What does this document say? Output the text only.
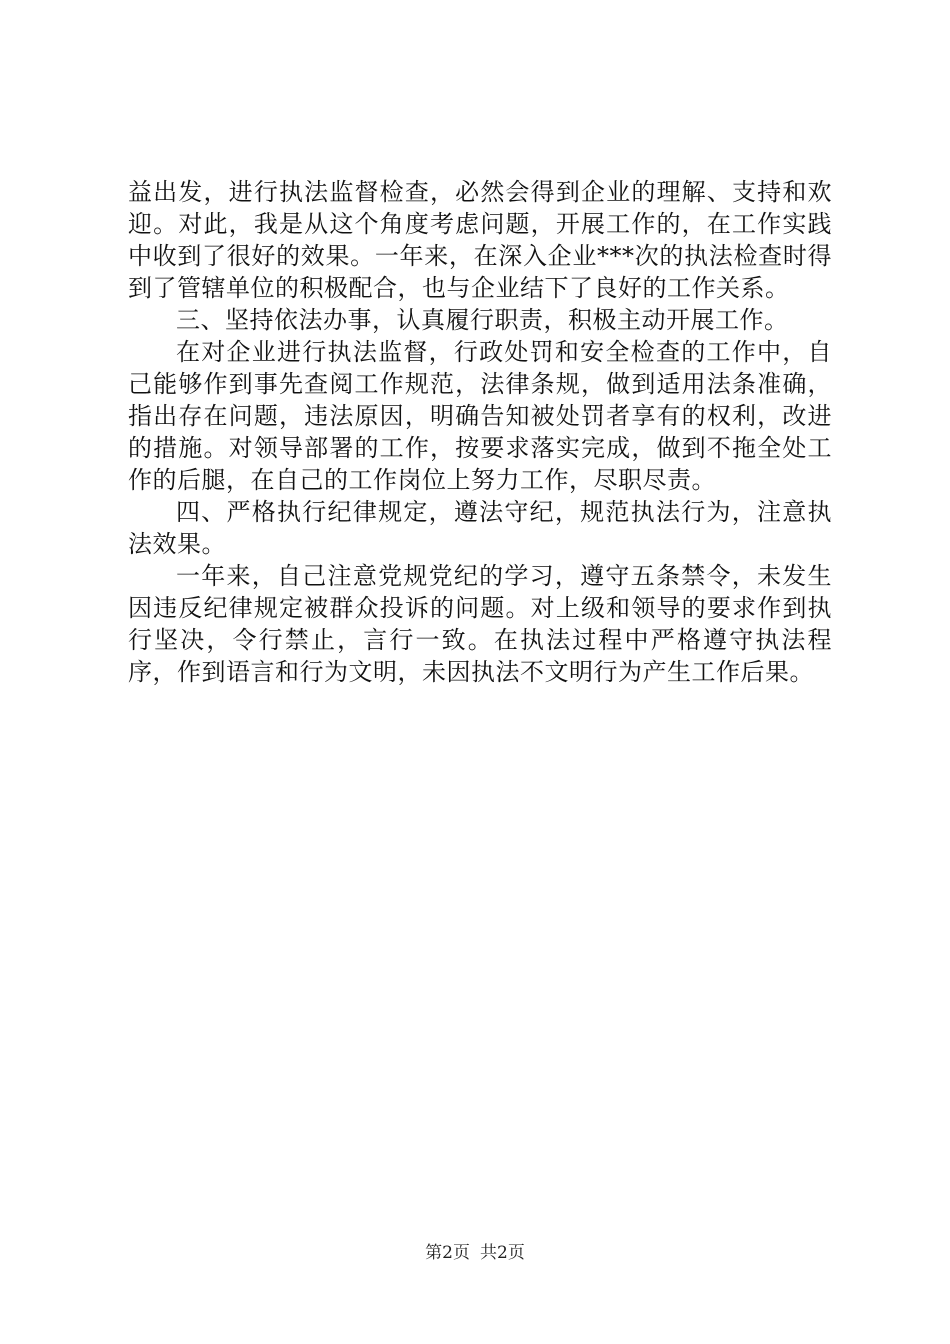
益出发，进行执法监督检查，必然会得到企业的理解、支持和欢迎。对此，我是从这个角度考虑问题，开展工作的，在工作实践中收到了很好的效果。一年来，在深入企业***次的执法检查时得到了管辖单位的积极配合，也与企业结下了良好的工作关系。

三、坚持依法办事，认真履行职责，积极主动开展工作。

在对企业进行执法监督，行政处罚和安全检查的工作中，自己能够作到事先查阅工作规范，法律条规，做到适用法条准确，指出存在问题，违法原因，明确告知被处罚者享有的权利，改进的措施。对领导部署的工作，按要求落实完成，做到不拖全处工作的后腿，在自己的工作岗位上努力工作，尽职尽责。

四、严格执行纪律规定，遵法守纪，规范执法行为，注意执法效果。

一年来，自己注意党规党纪的学习，遵守五条禁令，未发生因违反纪律规定被群众投诉的问题。对上级和领导的要求作到执行坚决，令行禁止，言行一致。在执法过程中严格遵守执法程序，作到语言和行为文明，未因执法不文明行为产生工作后果。

第2页 共2页
